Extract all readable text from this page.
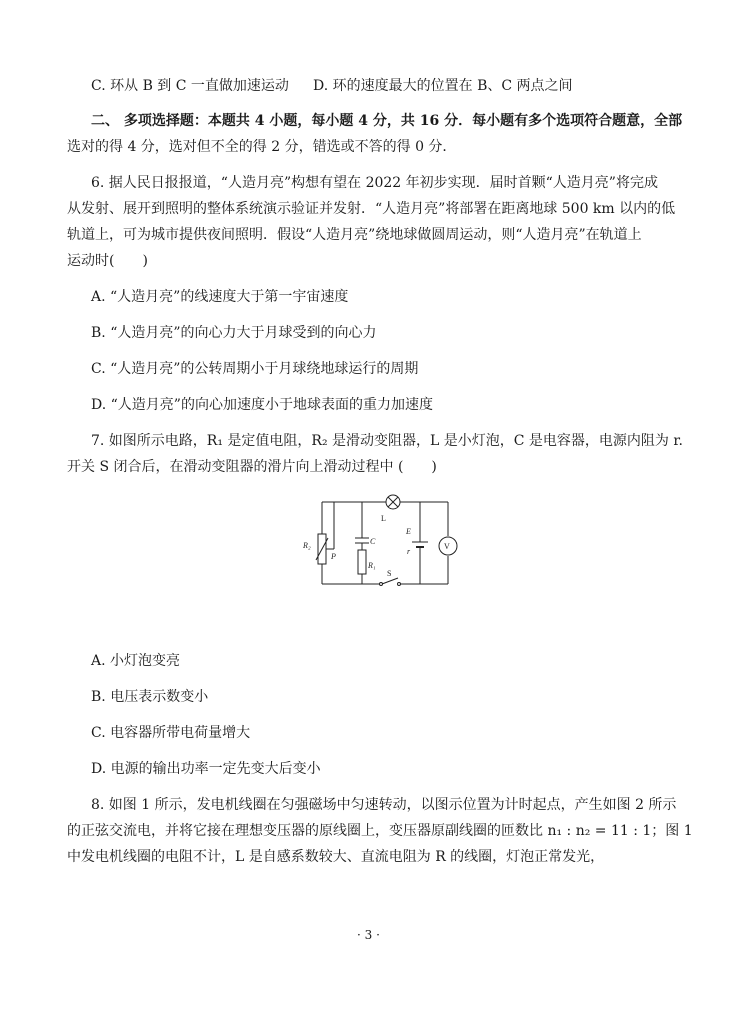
C. 环从 B 到 C 一直做加速运动 D. 环的速度最大的位置在 B、C 两点之间
二、 多项选择题：本题共 4 小题，每小题 4 分，共 16 分．每小题有多个选项符合题意，全部
选对的得 4 分，选对但不全的得 2 分，错选或不答的得 0 分．
6. 据人民日报报道，“人造月亮”构想有望在 2022 年初步实现．届时首颗“人造月亮”将完成
从发射、展开到照明的整体系统演示验证并发射．“人造月亮”将部署在距离地球 500 km 以内的低
轨道上，可为城市提供夜间照明．假设“人造月亮”绕地球做圆周运动，则“人造月亮”在轨道上
运动时(　　)
A. “人造月亮”的线速度大于第一宇宙速度
B. “人造月亮”的向心力大于月球受到的向心力
C. “人造月亮”的公转周期小于月球绕地球运行的周期
D. “人造月亮”的向心加速度小于地球表面的重力加速度
7. 如图所示电路，R₁ 是定值电阻，R₂ 是滑动变阻器，L 是小灯泡，C 是电容器，电源内阻为 r.
开关 S 闭合后，在滑动变阻器的滑片向上滑动过程中 (　　)
R₂
P
C
R₁
L
E
r
V
S
A. 小灯泡变亮
B. 电压表示数变小
C. 电容器所带电荷量增大
D. 电源的输出功率一定先变大后变小
8. 如图 1 所示，发电机线圈在匀强磁场中匀速转动，以图示位置为计时起点，产生如图 2 所示
的正弦交流电，并将它接在理想变压器的原线圈上，变压器原副线圈的匝数比 n₁ : n₂ = 11 : 1；图 1
中发电机线圈的电阻不计，L 是自感系数较大、直流电阻为 R 的线圈，灯泡正常发光，
· 3 ·
